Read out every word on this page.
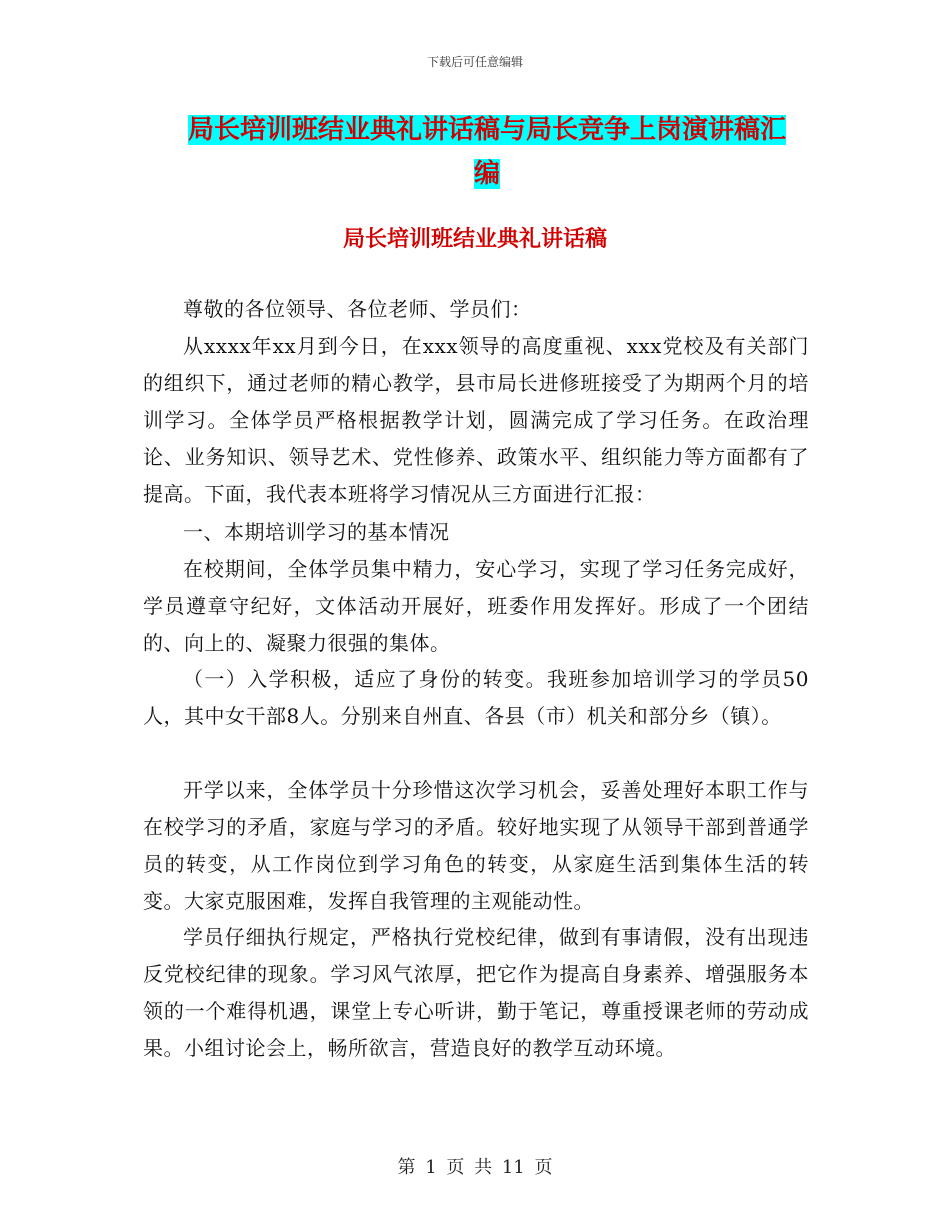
下载后可任意编辑
局长培训班结业典礼讲话稿与局长竞争上岗演讲稿汇
编
局长培训班结业典礼讲话稿

尊敬的各位领导、各位老师、学员们：

从xxxx年xx月到今日，在xxx领导的高度重视、xxx党校及有关部门的组织下，通过老师的精心教学，县市局长进修班接受了为期两个月的培训学习。全体学员严格根据教学计划，圆满完成了学习任务。在政治理论、业务知识、领导艺术、党性修养、政策水平、组织能力等方面都有了提高。下面，我代表本班将学习情况从三方面进行汇报：

一、本期培训学习的基本情况

在校期间，全体学员集中精力，安心学习，实现了学习任务完成好，学员遵章守纪好，文体活动开展好，班委作用发挥好。形成了一个团结的、向上的、凝聚力很强的集体。

（一）入学积极，适应了身份的转变。我班参加培训学习的学员50人，其中女干部8人。分别来自州直、各县（市）机关和部分乡（镇）。

开学以来，全体学员十分珍惜这次学习机会，妥善处理好本职工作与在校学习的矛盾，家庭与学习的矛盾。较好地实现了从领导干部到普通学员的转变，从工作岗位到学习角色的转变，从家庭生活到集体生活的转变。大家克服困难，发挥自我管理的主观能动性。

学员仔细执行规定，严格执行党校纪律，做到有事请假，没有出现违反党校纪律的现象。学习风气浓厚，把它作为提高自身素养、增强服务本领的一个难得机遇，课堂上专心听讲，勤于笔记，尊重授课老师的劳动成果。小组讨论会上，畅所欲言，营造良好的教学互动环境。

第 1 页 共 11 页
